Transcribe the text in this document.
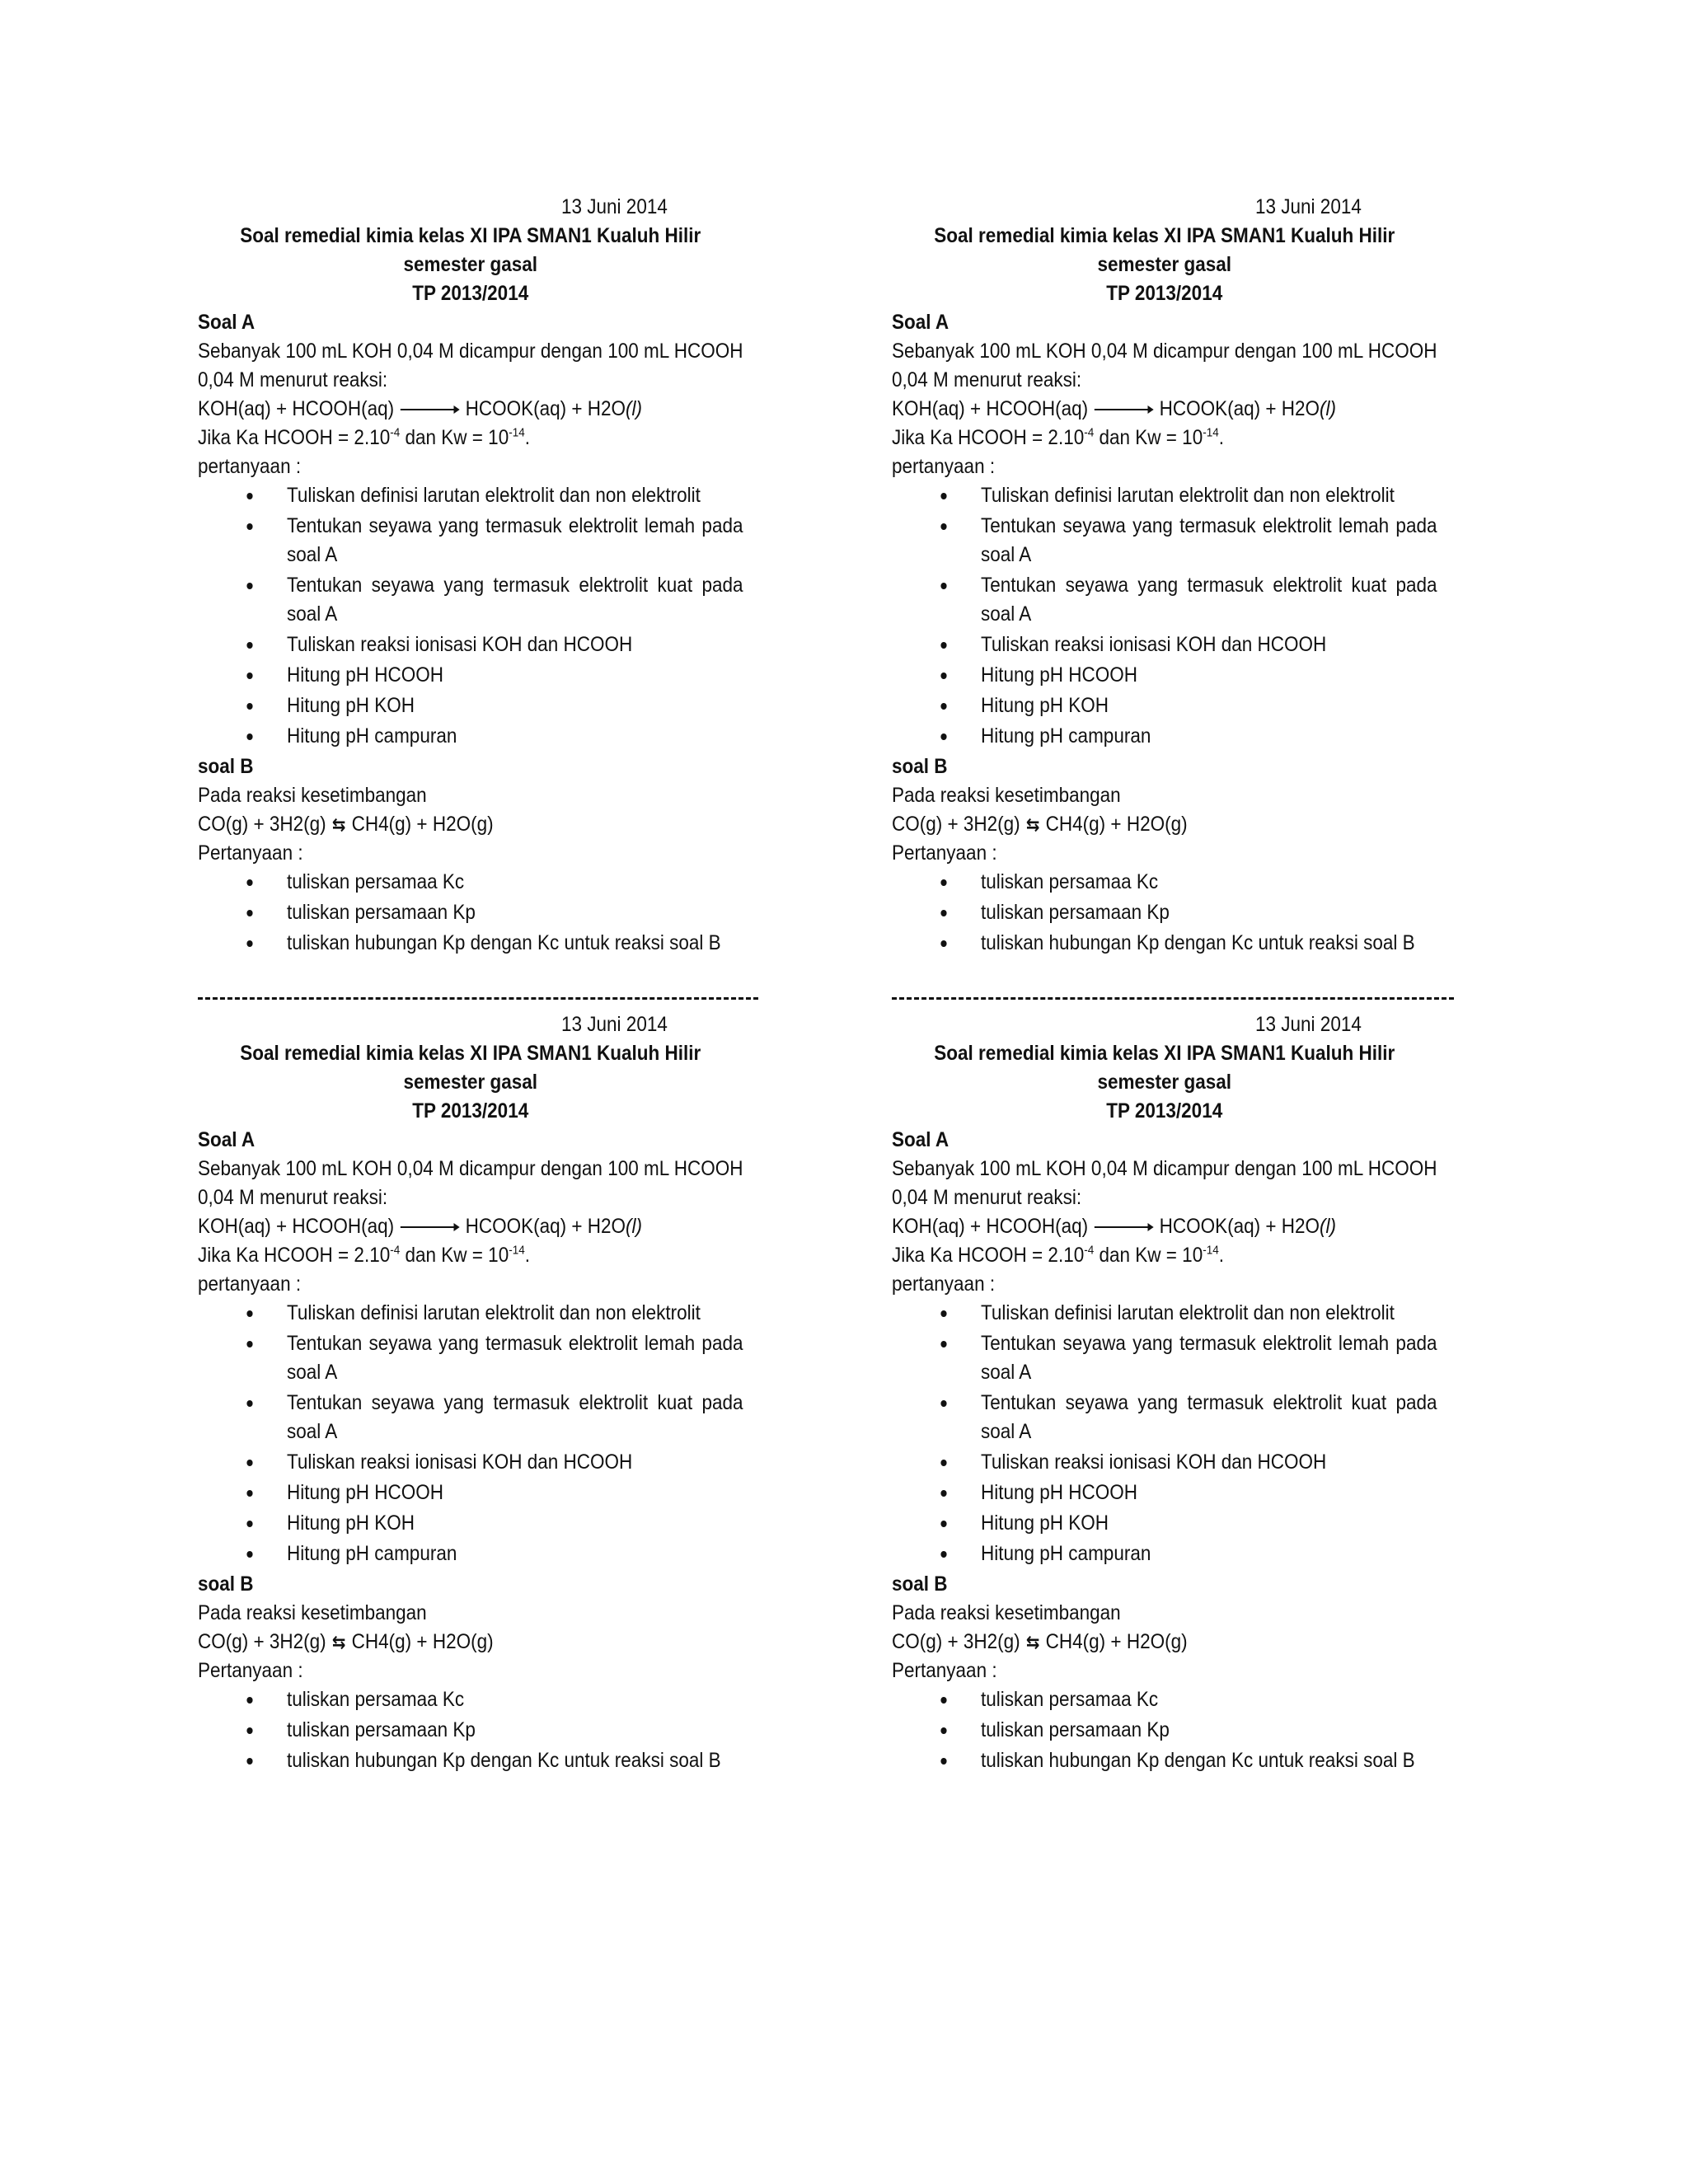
13 Juni 2014
Soal remedial kimia kelas XI IPA SMAN1 Kualuh Hilir
semester gasal
TP 2013/2014
Soal A
Sebanyak 100 mL KOH 0,04 M dicampur dengan 100 mL HCOOH 0,04 M menurut reaksi:
KOH(aq) + HCOOH(aq) → HCOOK(aq) + H2O (l)
Jika Ka HCOOH = $2.10^{-4}$ dan $Kw = 10^{-14}$.
pertanyaan :
Tuliskan definisi larutan elektrolit dan non elektrolit
Tentukan seyawa yang termasuk elektrolit lemah pada soal A
Tentukan seyawa yang termasuk elektrolit kuat pada soal A
Tuliskan reaksi ionisasi KOH dan HCOOH
Hitung pH HCOOH
Hitung pH KOH
Hitung pH campuran
soal B
Pada reaksi kesetimbangan
CO(g) + 3H2(g) ⇆ CH4(g) + H2O(g)
Pertanyaan :
tuliskan persamaa Kc
tuliskan persamaan Kp
tuliskan hubungan Kp dengan Kc untuk reaksi soal B
13 Juni 2014
Soal remedial kimia kelas XI IPA SMAN1 Kualuh Hilir
semester gasal
TP 2013/2014
Soal A
Sebanyak 100 mL KOH 0,04 M dicampur dengan 100 mL HCOOH 0,04 M menurut reaksi:
KOH(aq) + HCOOH(aq) → HCOOK(aq) + H2O (l)
Jika Ka HCOOH = $2.10^{-4}$ dan $Kw = 10^{-14}$.
pertanyaan :
Tuliskan definisi larutan elektrolit dan non elektrolit
Tentukan seyawa yang termasuk elektrolit lemah pada soal A
Tentukan seyawa yang termasuk elektrolit kuat pada soal A
Tuliskan reaksi ionisasi KOH dan HCOOH
Hitung pH HCOOH
Hitung pH KOH
Hitung pH campuran
soal B
Pada reaksi kesetimbangan
CO(g) + 3H2(g) ⇆ CH4(g) + H2O(g)
Pertanyaan :
tuliskan persamaa Kc
tuliskan persamaan Kp
tuliskan hubungan Kp dengan Kc untuk reaksi soal B
13 Juni 2014
Soal remedial kimia kelas XI IPA SMAN1 Kualuh Hilir
semester gasal
TP 2013/2014
Soal A
Sebanyak 100 mL KOH 0,04 M dicampur dengan 100 mL HCOOH 0,04 M menurut reaksi:
KOH(aq) + HCOOH(aq) → HCOOK(aq) + H2O (l)
Jika Ka HCOOH = $2.10^{-4}$ dan $Kw = 10^{-14}$.
pertanyaan :
Tuliskan definisi larutan elektrolit dan non elektrolit
Tentukan seyawa yang termasuk elektrolit lemah pada soal A
Tentukan seyawa yang termasuk elektrolit kuat pada soal A
Tuliskan reaksi ionisasi KOH dan HCOOH
Hitung pH HCOOH
Hitung pH KOH
Hitung pH campuran
soal B
Pada reaksi kesetimbangan
CO(g) + 3H2(g) ⇆ CH4(g) + H2O(g)
Pertanyaan :
tuliskan persamaa Kc
tuliskan persamaan Kp
tuliskan hubungan Kp dengan Kc untuk reaksi soal B
13 Juni 2014
Soal remedial kimia kelas XI IPA SMAN1 Kualuh Hilir
semester gasal
TP 2013/2014
Soal A
Sebanyak 100 mL KOH 0,04 M dicampur dengan 100 mL HCOOH 0,04 M menurut reaksi:
KOH(aq) + HCOOH(aq) → HCOOK(aq) + H2O (l)
Jika Ka HCOOH = $2.10^{-4}$ dan $Kw = 10^{-14}$.
pertanyaan :
Tuliskan definisi larutan elektrolit dan non elektrolit
Tentukan seyawa yang termasuk elektrolit lemah pada soal A
Tentukan seyawa yang termasuk elektrolit kuat pada soal A
Tuliskan reaksi ionisasi KOH dan HCOOH
Hitung pH HCOOH
Hitung pH KOH
Hitung pH campuran
soal B
Pada reaksi kesetimbangan
CO(g) + 3H2(g) ⇆ CH4(g) + H2O(g)
Pertanyaan :
tuliskan persamaa Kc
tuliskan persamaan Kp
tuliskan hubungan Kp dengan Kc untuk reaksi soal B
